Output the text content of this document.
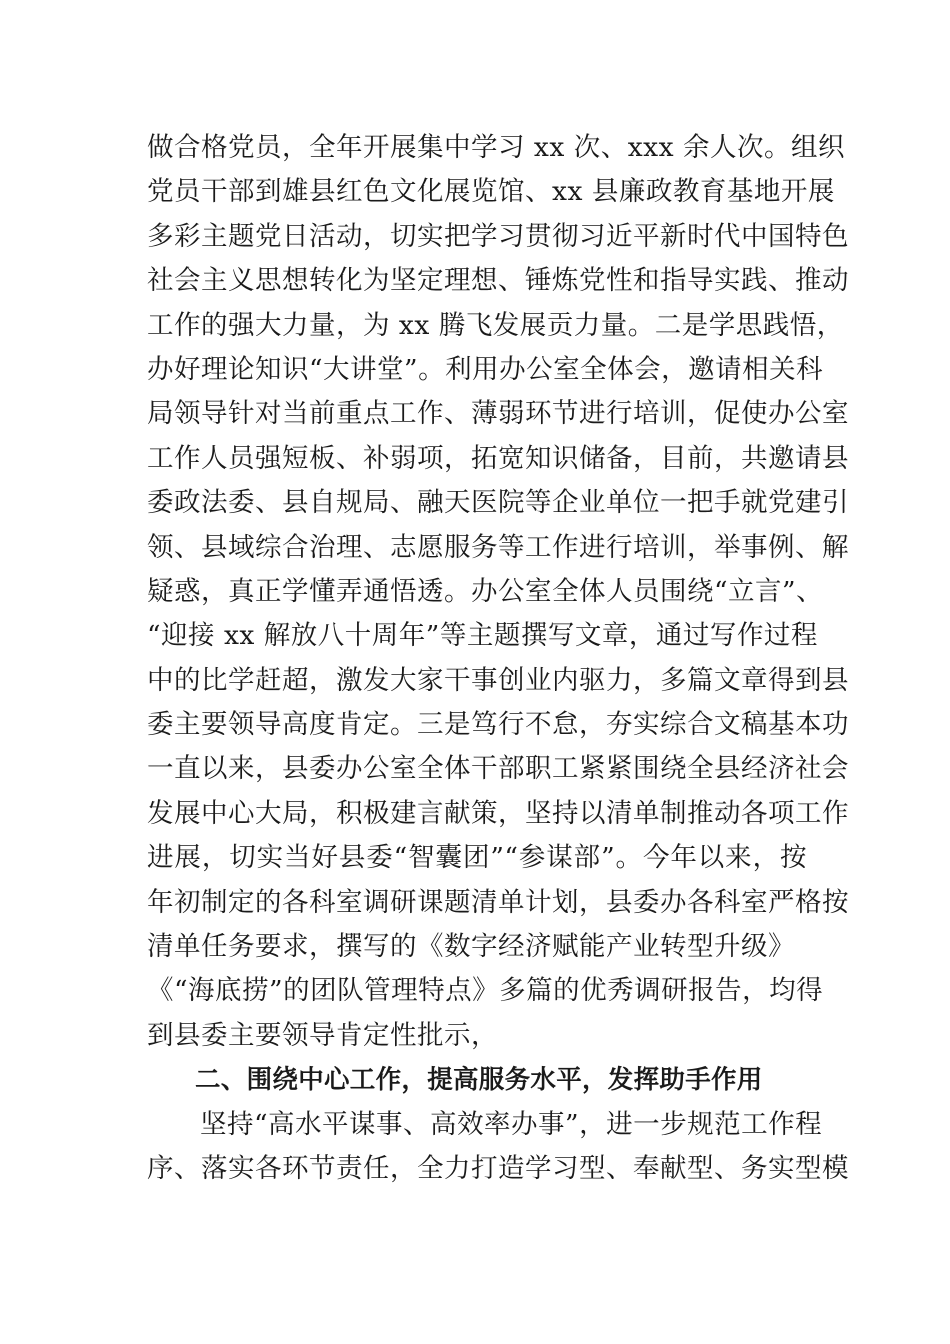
做合格党员，全年开展集中学习 xx 次、xxx 余人次。组织
党员干部到雄县红色文化展览馆、xx 县廉政教育基地开展
多彩主题党日活动，切实把学习贯彻习近平新时代中国特色
社会主义思想转化为坚定理想、锤炼党性和指导实践、推动
工作的强大力量，为 xx 腾飞发展贡力量。二是学思践悟，
办好理论知识“大讲堂”。利用办公室全体会，邀请相关科
局领导针对当前重点工作、薄弱环节进行培训，促使办公室
工作人员强短板、补弱项，拓宽知识储备，目前，共邀请县
委政法委、县自规局、融天医院等企业单位一把手就党建引
领、县域综合治理、志愿服务等工作进行培训，举事例、解
疑惑，真正学懂弄通悟透。办公室全体人员围绕“立言”、
“迎接 xx 解放八十周年”等主题撰写文章，通过写作过程
中的比学赶超，激发大家干事创业内驱力，多篇文章得到县
委主要领导高度肯定。三是笃行不怠，夯实综合文稿基本功
一直以来，县委办公室全体干部职工紧紧围绕全县经济社会
发展中心大局，积极建言献策，坚持以清单制推动各项工作
进展，切实当好县委“智囊团”“参谋部”。今年以来，按
年初制定的各科室调研课题清单计划，县委办各科室严格按
清单任务要求，撰写的《数字经济赋能产业转型升级》
《“海底捞”的团队管理特点》多篇的优秀调研报告，均得
到县委主要领导肯定性批示，
二、围绕中心工作，提高服务水平，发挥助手作用
坚持“高水平谋事、高效率办事”，进一步规范工作程
序、落实各环节责任，全力打造学习型、奉献型、务实型模
